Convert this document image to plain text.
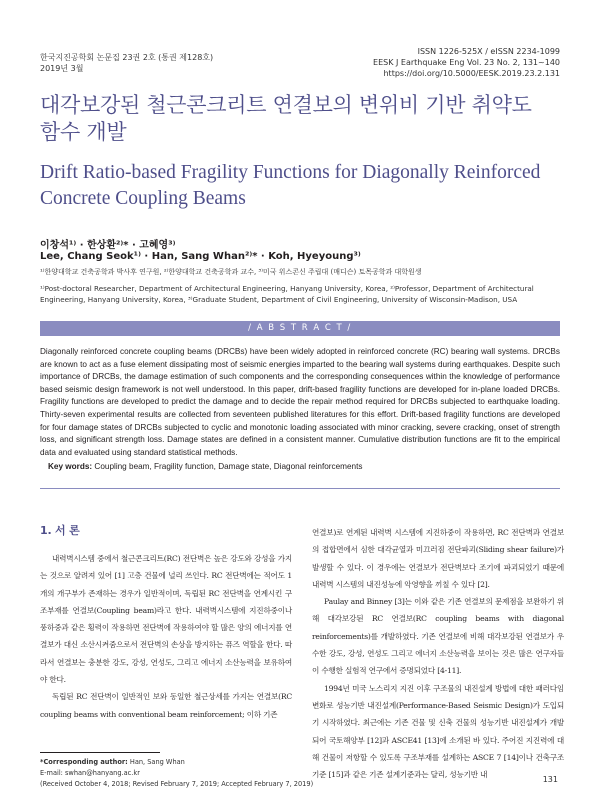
한국지진공학회 논문집 23권 2호 (통권 제128호)
2019년 3월
ISSN 1226-525X / eISSN 2234-1099
EESK J Earthquake Eng Vol. 23 No. 2, 131~140
https://doi.org/10.5000/EESK.2019.23.2.131
대각보강된 철근콘크리트 연결보의 변위비 기반 취약도
함수 개발
Drift Ratio-based Fragility Functions for Diagonally Reinforced
Concrete Coupling Beams
이창석¹⁾ · 한상환²⁾* · 고혜영³⁾
Lee, Chang Seok¹⁾ · Han, Sang Whan²⁾* · Koh, Hyeyoung³⁾
¹⁾한양대학교 건축공학과 박사후 연구원, ²⁾한양대학교 건축공학과 교수, ³⁾미국 위스콘신 주립대 (매디슨) 토목공학과 대학원생
¹⁾Post-doctoral Researcher, Department of Architectural Engineering, Hanyang University, Korea, ²⁾Professor, Department of Architectural Engineering, Hanyang University, Korea, ³⁾Graduate Student, Department of Civil Engineering, University of Wisconsin-Madison, USA
/ A B S T R A C T /
Diagonally reinforced concrete coupling beams (DRCBs) have been widely adopted in reinforced concrete (RC) bearing wall systems. DRCBs are known to act as a fuse element dissipating most of seismic energies imparted to the bearing wall systems during earthquakes. Despite such importance of DRCBs, the damage estimation of such components and the corresponding consequences within the knowledge of performance based seismic design framework is not well understood. In this paper, drift-based fragility functions are developed for in-plane loaded DRCBs. Fragility functions are developed to predict the damage and to decide the repair method required for DRCBs subjected to earthquake loading. Thirty-seven experimental results are collected from seventeen published literatures for this effort. Drift-based fragility functions are developed for four damage states of DRCBs subjected to cyclic and monotonic loading associated with minor cracking, severe cracking, onset of strength loss, and significant strength loss. Damage states are defined in a consistent manner. Cumulative distribution functions are fit to the empirical data and evaluated using standard statistical methods.
Key words: Coupling beam, Fragility function, Damage state, Diagonal reinforcements
1. 서 론

내력벽시스템 중에서 철근콘크리트(RC) 전단벽은 높은 강도와 강성을 가지는 것으로 알려져 있어 [1] 고층 건물에 널리 쓰인다. RC 전단벽에는 적어도 1개의 개구부가 존재하는 경우가 일반적이며, 독립된 RC 전단벽을 연계시킨 구조부재를 연결보(Coupling beam)라고 한다. 내력벽시스템에 지진하중이나 풍하중과 같은 횡력이 작용하면 전단벽에 작용하여야 할 많은 양의 에너지를 연결보가 대신 소산시켜줌으로서 전단벽의 손상을 방지하는 퓨즈 역할을 한다. 따라서 연결보는 충분한 강도, 강성, 연성도, 그리고 에너지 소산능력을 보유하여야 한다.

독립된 RC 전단벽이 일반적인 보와 동일한 철근상세를 가지는 연결보(RC coupling beams with conventional beam reinforcement; 이하 기존

연결보)로 연계된 내력벽 시스템에 지진하중이 작용하면, RC 전단벽과 연결보의 접합면에서 심한 대각균열과 미끄러짐 전단파괴(Sliding shear failure)가 발생할 수 있다. 이 경우에는 연결보가 전단벽보다 조기에 파괴되었기 때문에 내력벽 시스템의 내진성능에 악영향을 끼칠 수 있다 [2].

Paulay and Binney [3]는 이와 같은 기존 연결보의 문제점을 보완하기 위해 대각보강된 RC 연결보(RC coupling beams with diagonal reinforcements)를 개발하였다. 기존 연결보에 비해 대각보강된 연결보가 우수한 강도, 강성, 연성도 그리고 에너지 소산능력을 보이는 것은 많은 연구자들이 수행한 실험적 연구에서 증명되었다 [4-11].

1994년 미국 노스리지 지진 이후 구조물의 내진설계 방법에 대한 패러다임 변화로 성능기반 내진설계(Performance-Based Seismic Design)가 도입되기 시작하였다. 최근에는 기존 건물 및 신축 건물의 성능기반 내진설계가 개발되어 국토해양부 [12]과 ASCE41 [13]에 소개된 바 있다. 주어진 지진력에 대해 건물이 저항할 수 있도록 구조부재를 설계하는 ASCE 7 [14]이나 건축구조기준 [15]과 같은 기존 설계기준과는 달리, 성능기반 내

*Corresponding author: Han, Sang Whan
E-mail: swhan@hanyang.ac.kr
(Received October 4, 2018; Revised February 7, 2019; Accepted February 7, 2019)	131
